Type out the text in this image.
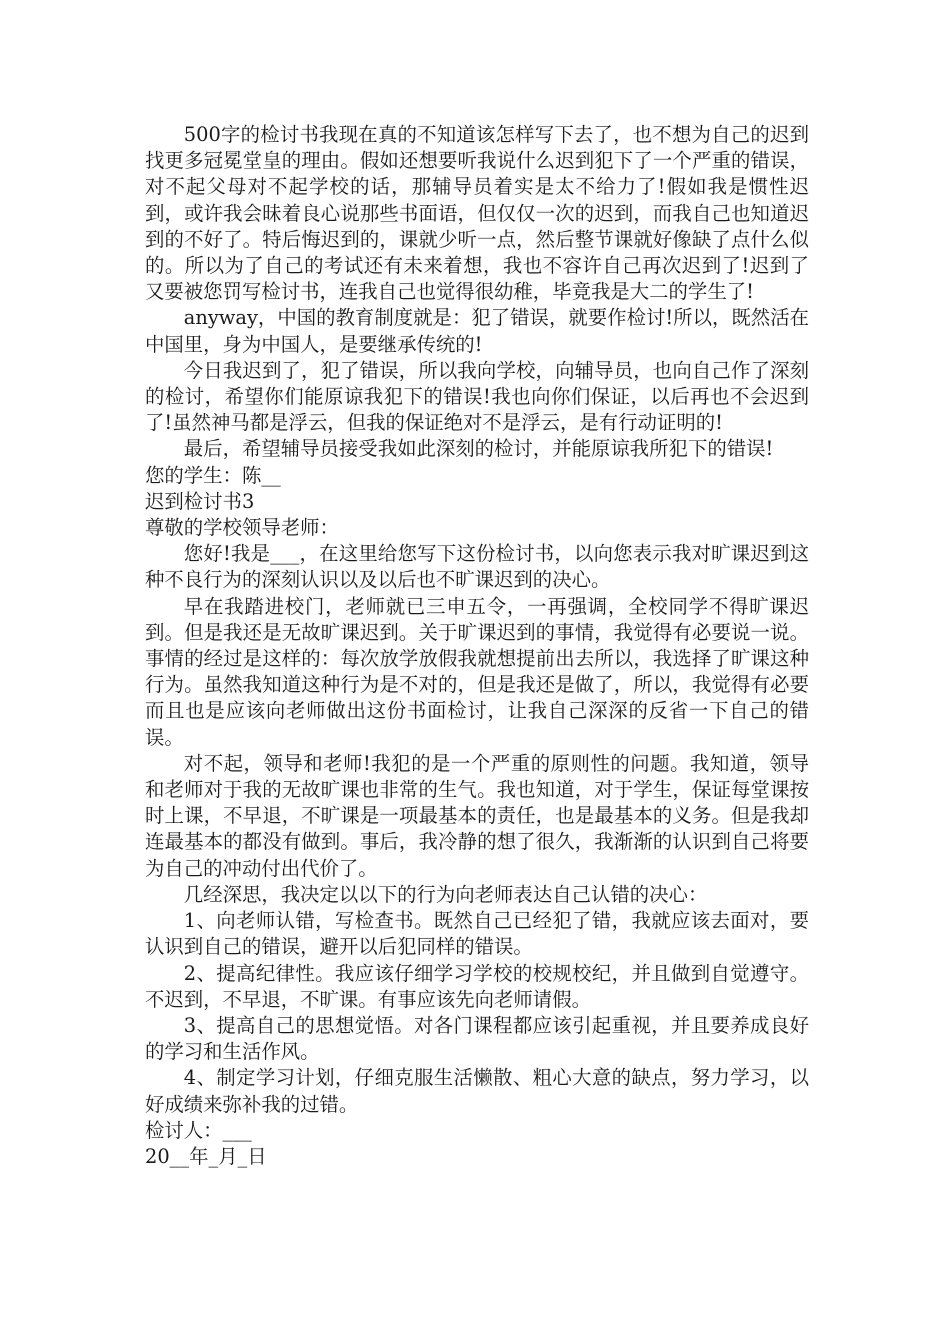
500字的检讨书我现在真的不知道该怎样写下去了，也不想为自己的迟到找更多冠冕堂皇的理由。假如还想要听我说什么迟到犯下了一个严重的错误，对不起父母对不起学校的话，那辅导员着实是太不给力了!假如我是惯性迟到，或许我会昧着良心说那些书面语，但仅仅一次的迟到，而我自己也知道迟到的不好了。特后悔迟到的，课就少听一点，然后整节课就好像缺了点什么似的。所以为了自己的考试还有未来着想，我也不容许自己再次迟到了!迟到了又要被您罚写检讨书，连我自己也觉得很幼稚，毕竟我是大二的学生了!

anyway，中国的教育制度就是：犯了错误，就要作检讨!所以，既然活在中国里，身为中国人，是要继承传统的!

今日我迟到了，犯了错误，所以我向学校，向辅导员，也向自己作了深刻的检讨，希望你们能原谅我犯下的错误!我也向你们保证，以后再也不会迟到了!虽然神马都是浮云，但我的保证绝对不是浮云，是有行动证明的!

最后，希望辅导员接受我如此深刻的检讨，并能原谅我所犯下的错误!

您的学生：陈__

迟到检讨书3

尊敬的学校领导老师：

您好!我是___，在这里给您写下这份检讨书，以向您表示我对旷课迟到这种不良行为的深刻认识以及以后也不旷课迟到的决心。

早在我踏进校门，老师就已三申五令，一再强调，全校同学不得旷课迟到。但是我还是无故旷课迟到。关于旷课迟到的事情，我觉得有必要说一说。事情的经过是这样的：每次放学放假我就想提前出去所以，我选择了旷课这种行为。虽然我知道这种行为是不对的，但是我还是做了，所以，我觉得有必要而且也是应该向老师做出这份书面检讨，让我自己深深的反省一下自己的错误。

对不起，领导和老师!我犯的是一个严重的原则性的问题。我知道，领导和老师对于我的无故旷课也非常的生气。我也知道，对于学生，保证每堂课按时上课，不早退，不旷课是一项最基本的责任，也是最基本的义务。但是我却连最基本的都没有做到。事后，我冷静的想了很久，我渐渐的认识到自己将要为自己的冲动付出代价了。

几经深思，我决定以以下的行为向老师表达自己认错的决心：

1、向老师认错，写检查书。既然自己已经犯了错，我就应该去面对，要认识到自己的错误，避开以后犯同样的错误。

2、提高纪律性。我应该仔细学习学校的校规校纪，并且做到自觉遵守。不迟到，不早退，不旷课。有事应该先向老师请假。

3、提高自己的思想觉悟。对各门课程都应该引起重视，并且要养成良好的学习和生活作风。

4、制定学习计划，仔细克服生活懒散、粗心大意的缺点，努力学习，以好成绩来弥补我的过错。

检讨人：___

20__年_月_日
